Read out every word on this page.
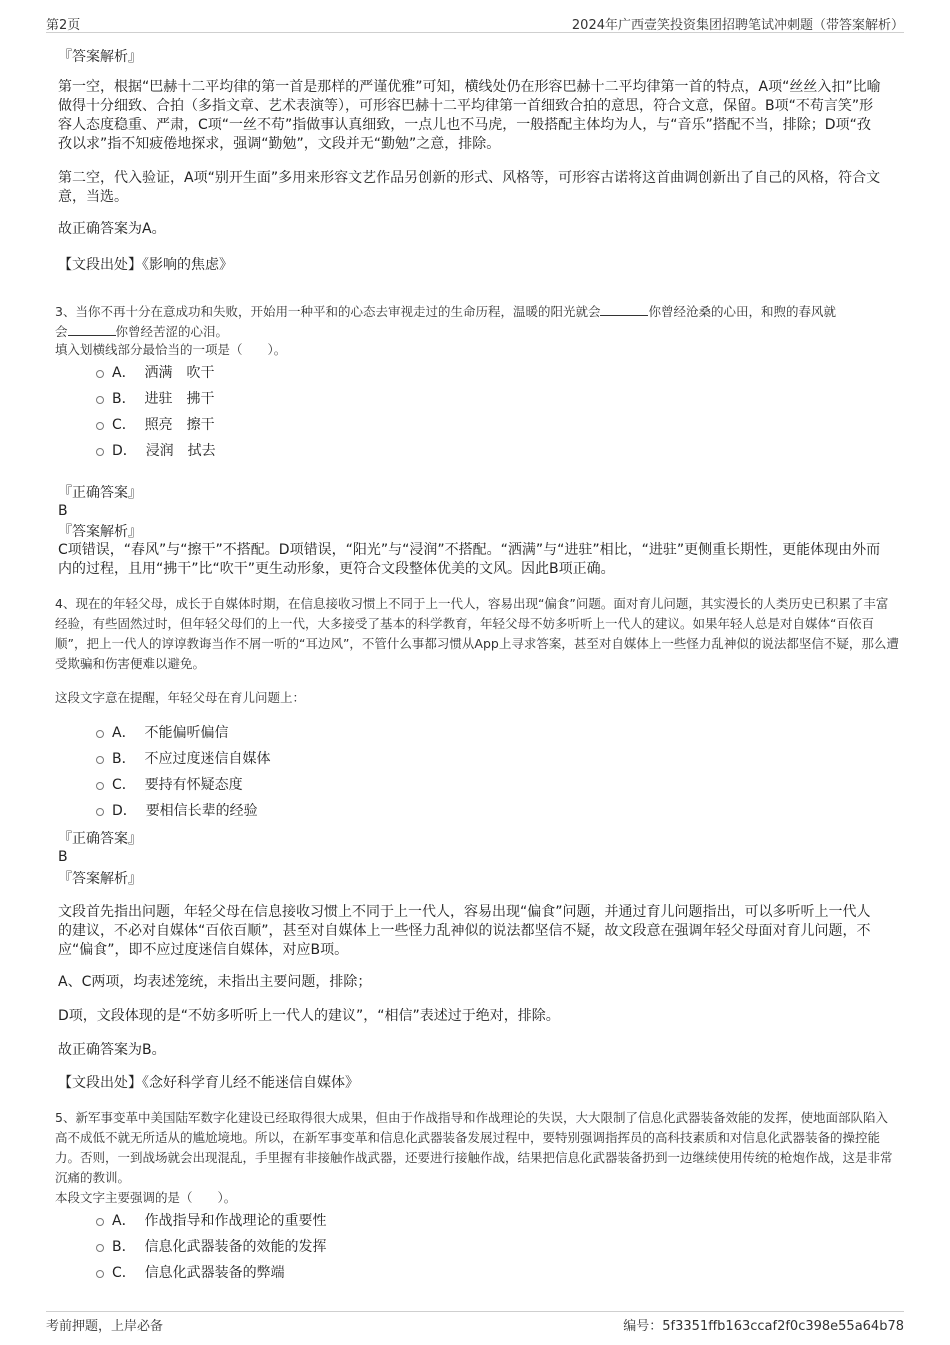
第2页	2024年广西壹笑投资集团招聘笔试冲刺题（带答案解析）
『答案解析』
第一空，根据“巴赫十二平均律的第一首是那样的严谨优雅”可知，横线处仍在形容巴赫十二平均律第一首的特点，A项“丝丝入扣”比喻做得十分细致、合拍（多指文章、艺术表演等），可形容巴赫十二平均律第一首细致合拍的意思，符合文意，保留。B项“不苟言笑”形容人态度稳重、严肃，C项“一丝不苟”指做事认真细致，一点儿也不马虎，一般搭配主体均为人，与“音乐”搭配不当，排除；D项“孜孜以求”指不知疲倦地探求，强调“勤勉”，文段并无“勤勉”之意，排除。
第二空，代入验证，A项“别开生面”多用来形容文艺作品另创新的形式、风格等，可形容古诺将这首曲调创新出了自己的风格，符合文意，当选。
故正确答案为A。
【文段出处】《影响的焦虑》
3、当你不再十分在意成功和失败，开始用一种平和的心态去审视走过的生命历程，温暖的阳光就会	你曾经沧桑的心田，和煦的春风就
会	你曾经苦涩的心泪。
填入划横线部分最恰当的一项是（　　）。
A． 洒满　吹干
B． 进驻　拂干
C． 照亮　擦干
D． 浸润　拭去
『正确答案』
B
『答案解析』
C项错误，“春风”与“擦干”不搭配。D项错误，“阳光”与“浸润”不搭配。“洒满”与“进驻”相比，“进驻”更侧重长期性，更能体现由外而内的过程，且用“拂干”比“吹干”更生动形象，更符合文段整体优美的文风。因此B项正确。
4、现在的年轻父母，成长于自媒体时期，在信息接收习惯上不同于上一代人，容易出现“偏食”问题。面对育儿问题，其实漫长的人类历史已积累了丰富经验，有些固然过时，但年轻父母们的上一代，大多接受了基本的科学教育，年轻父母不妨多听听上一代人的建议。如果年轻人总是对自媒体“百依百顺”，把上一代人的谆谆教诲当作不屑一听的“耳边风”，不管什么事都习惯从App上寻求答案，甚至对自媒体上一些怪力乱神似的说法都坚信不疑，那么遭受欺骗和伤害便难以避免。
这段文字意在提醒，年轻父母在育儿问题上：
A． 不能偏听偏信
B． 不应过度迷信自媒体
C． 要持有怀疑态度
D． 要相信长辈的经验
『正确答案』
B
『答案解析』
文段首先指出问题，年轻父母在信息接收习惯上不同于上一代人，容易出现“偏食”问题，并通过育儿问题指出，可以多听听上一代人的建议，不必对自媒体“百依百顺”，甚至对自媒体上一些怪力乱神似的说法都坚信不疑，故文段意在强调年轻父母面对育儿问题，不应“偏食”，即不应过度迷信自媒体，对应B项。
A、C两项，均表述笼统，未指出主要问题，排除；
D项，文段体现的是“不妨多听听上一代人的建议”，“相信”表述过于绝对，排除。
故正确答案为B。
【文段出处】《念好科学育儿经不能迷信自媒体》
5、新军事变革中美国陆军数字化建设已经取得很大成果，但由于作战指导和作战理论的失误，大大限制了信息化武器装备效能的发挥，使地面部队陷入高不成低不就无所适从的尴尬境地。所以，在新军事变革和信息化武器装备发展过程中，要特别强调指挥员的高科技素质和对信息化武器装备的操控能力。否则，一到战场就会出现混乱，手里握有非接触作战武器，还要进行接触作战，结果把信息化武器装备扔到一边继续使用传统的枪炮作战，这是非常沉痛的教训。
本段文字主要强调的是（　　）。
A． 作战指导和作战理论的重要性
B． 信息化武器装备的效能的发挥
C． 信息化武器装备的弊端
考前押题，上岸必备	编号：5f3351ffb163ccaf2f0c398e55a64b78
